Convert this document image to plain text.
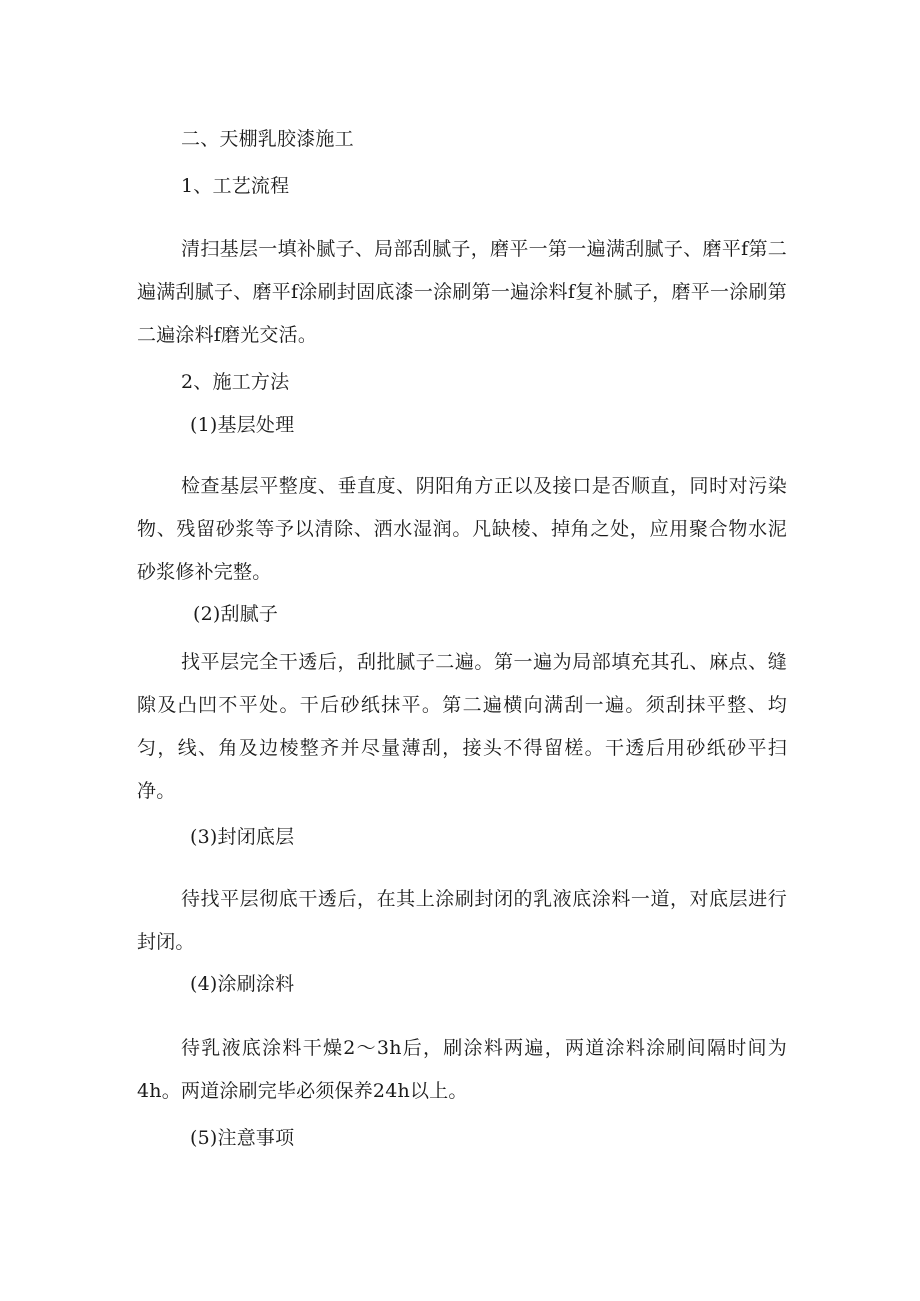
二、天棚乳胶漆施工
1、工艺流程
清扫基层一填补腻子、局部刮腻子，磨平一第一遍满刮腻子、磨平f第二遍满刮腻子、磨平f涂刷封固底漆一涂刷第一遍涂料f复补腻子，磨平一涂刷第二遍涂料f磨光交活。
2、施工方法
(1)基层处理
检查基层平整度、垂直度、阴阳角方正以及接口是否顺直，同时对污染物、残留砂浆等予以清除、洒水湿润。凡缺棱、掉角之处，应用聚合物水泥砂浆修补完整。
(2)刮腻子
找平层完全干透后，刮批腻子二遍。第一遍为局部填充其孔、麻点、缝隙及凸凹不平处。干后砂纸抹平。第二遍横向满刮一遍。须刮抹平整、均匀，线、角及边棱整齐并尽量薄刮，接头不得留槎。干透后用砂纸砂平扫净。
(3)封闭底层
待找平层彻底干透后，在其上涂刷封闭的乳液底涂料一道，对底层进行封闭。
(4)涂刷涂料
待乳液底涂料干燥2～3h后，刷涂料两遍，两道涂料涂刷间隔时间为4h。两道涂刷完毕必须保养24h以上。
(5)注意事项
